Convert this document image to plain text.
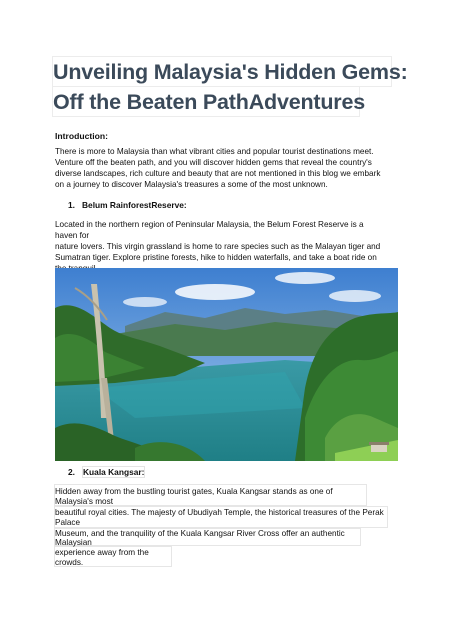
Unveiling Malaysia's Hidden Gems:
Off the Beaten PathAdventures
Introduction:
There is more to Malaysia than what vibrant cities and popular tourist destinations meet.
Venture off the beaten path, and you will discover hidden gems that reveal the country's
diverse landscapes, rich culture and beauty that are not mentioned in this blog we embark
on a journey to discover Malaysia's treasures a some of the most unknown.
1. Belum RainforestReserve:
Located in the northern region of Peninsular Malaysia, the Belum Forest Reserve is a
haven for
nature lovers. This virgin grassland is home to rare species such as the Malayan tiger and
Sumatran tiger. Explore pristine forests, hike to hidden waterfalls, and take a boat ride on
2. Kuala Kangsar:
Hidden away from the bustling tourist gates, Kuala Kangsar stands as one of
Malaysia's most
beautiful royal cities. The majesty of Ubudiyah Temple, the historical treasures of the Perak
Palace
Museum, and the tranquility of the Kuala Kangsar River Cross offer an authentic
Malaysian
experience away from the
crowds.
